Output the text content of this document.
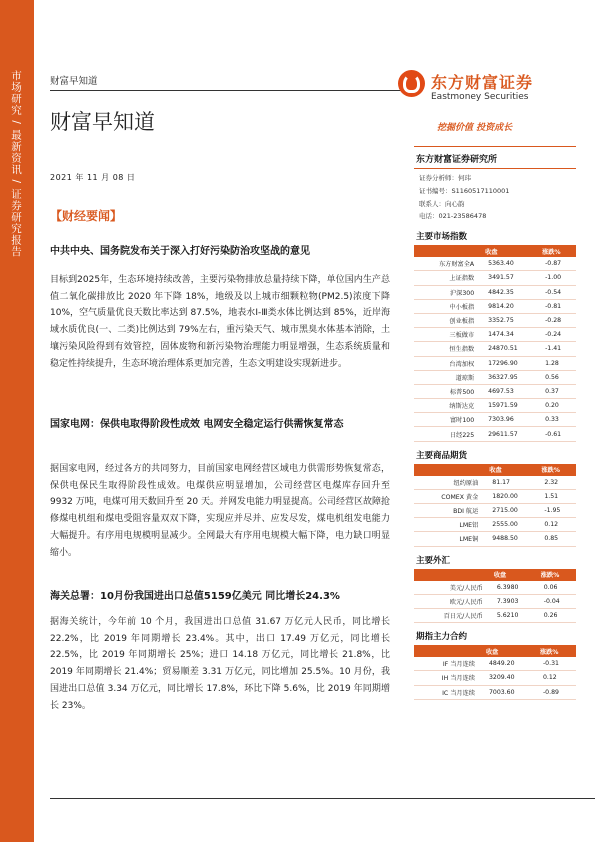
市场研究 / 最新资讯 / 证券研究报告	财富早知道
财富早知道
东方财富证券
Eastmoney Securities
挖掘价值 投资成长
2021 年 11 月 08 日
【财经要闻】
中共中央、国务院发布关于深入打好污染防治攻坚战的意见
目标到2025年，生态环境持续改善，主要污染物排放总量持续下降，单位国内生产总值二氧化碳排放比 2020 年下降 18%，地级及以上城市细颗粒物(PM2.5)浓度下降 10%，空气质量优良天数比率达到 87.5%，地表水Ⅰ-Ⅲ类水体比例达到 85%，近岸海域水质优良(一、二类)比例达到 79%左右，重污染天气、城市黑臭水体基本消除，土壤污染风险得到有效管控，固体废物和新污染物治理能力明显增强，生态系统质量和稳定性持续提升，生态环境治理体系更加完善，生态文明建设实现新进步。
国家电网：保供电取得阶段性成效 电网安全稳定运行供需恢复常态
据国家电网，经过各方的共同努力，目前国家电网经营区域电力供需形势恢复常态，保供电保民生取得阶段性成效。电煤供应明显增加，公司经营区电煤库存回升至 9932 万吨，电煤可用天数回升至 20 天。并网发电能力明显提高。公司经营区故障抢修煤电机组和煤电受阻容量双双下降，实现应并尽并、应发尽发，煤电机组发电能力大幅提升。有序用电规模明显减少。全网最大有序用电规模大幅下降，电力缺口明显缩小。
海关总署：10月份我国进出口总值5159亿美元 同比增长24.3%
据海关统计，今年前 10 个月，我国进出口总值 31.67 万亿元人民币，同比增长 22.2%，比 2019 年同期增长 23.4%。其中，出口 17.49 万亿元，同比增长 22.5%，比 2019 年同期增长 25%；进口 14.18 万亿元，同比增长 21.8%，比 2019 年同期增长 21.4%；贸易顺差 3.31 万亿元，同比增加 25.5%。10 月份，我国进出口总值 3.34 万亿元，同比增长 17.8%，环比下降 5.6%，比 2019 年同期增长 23%。
东方财富证券研究所
证券分析师：何玮
证书编号：S1160517110001
联系人：向心韵
电话：021-23586478
主要市场指数
	收盘	涨跌%
东方财富全A	5363.40	-0.87
上证指数	3491.57	-1.00
沪深300	4842.35	-0.54
中小板指	9814.20	-0.81
创业板指	3352.75	-0.28
三板做市	1474.34	-0.24
恒生指数	24870.51	-1.41
台湾加权	17296.90	1.28
道琼斯	36327.95	0.56
标普500	4697.53	0.37
纳斯达克	15971.59	0.20
富时100	7303.96	0.33
日经225	29611.57	-0.61
主要商品期货
	收盘	涨跌%
纽约原油	81.17	2.32
COMEX 黄金	1820.00	1.51
BDI 航运	2715.00	-1.95
LME铝	2555.00	0.12
LME铜	9488.50	0.85
主要外汇
	收盘	涨跌%
美元/人民币	6.3980	0.06
欧元/人民币	7.3903	-0.04
百日元/人民币	5.6210	0.26
期指主力合约
	收盘	涨跌%
IF 当月连续	4849.20	-0.31
IH 当月连续	3209.40	0.12
IC 当月连续	7003.60	-0.89
